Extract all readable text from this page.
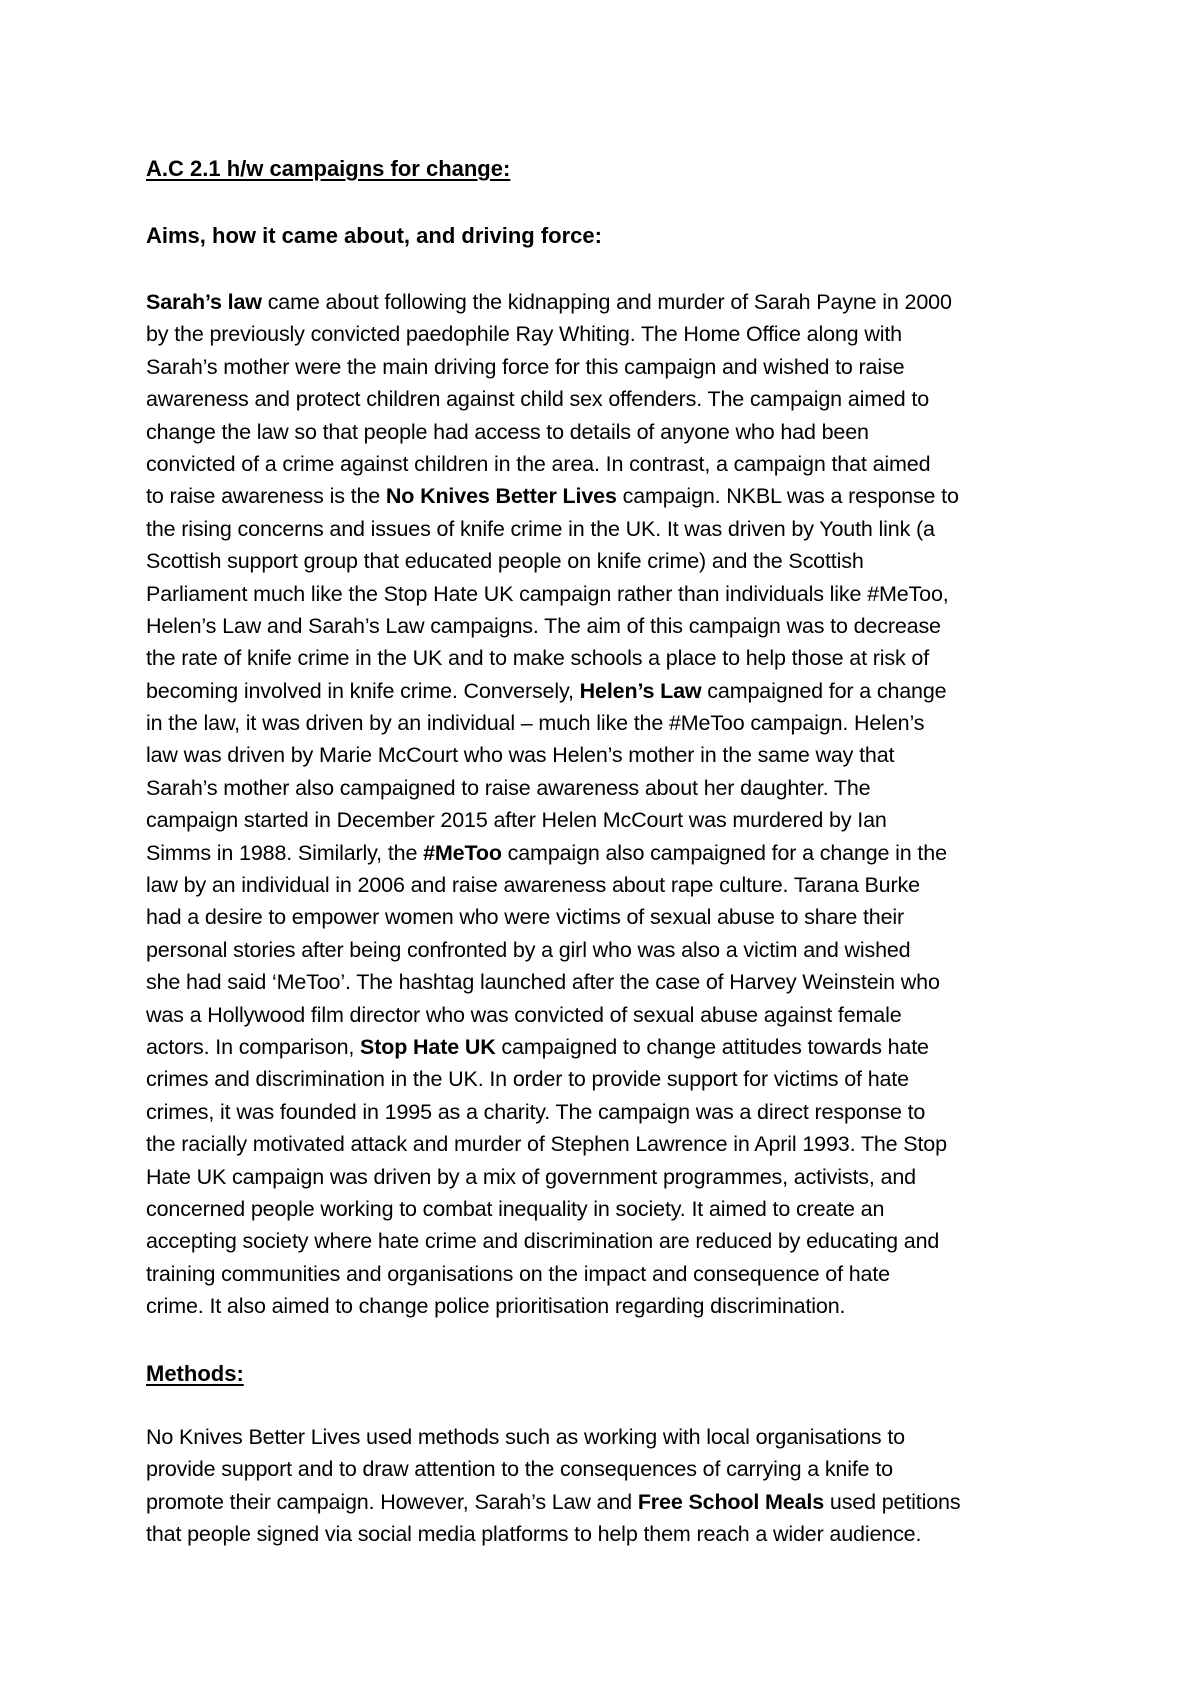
A.C 2.1 h/w campaigns for change:
Aims, how it came about, and driving force:
Sarah’s law came about following the kidnapping and murder of Sarah Payne in 2000
by the previously convicted paedophile Ray Whiting. The Home Office along with
Sarah’s mother were the main driving force for this campaign and wished to raise
awareness and protect children against child sex offenders. The campaign aimed to
change the law so that people had access to details of anyone who had been
convicted of a crime against children in the area. In contrast, a campaign that aimed
to raise awareness is the No Knives Better Lives campaign. NKBL was a response to
the rising concerns and issues of knife crime in the UK. It was driven by Youth link (a
Scottish support group that educated people on knife crime) and the Scottish
Parliament much like the Stop Hate UK campaign rather than individuals like #MeToo,
Helen’s Law and Sarah’s Law campaigns. The aim of this campaign was to decrease
the rate of knife crime in the UK and to make schools a place to help those at risk of
becoming involved in knife crime. Conversely, Helen’s Law campaigned for a change
in the law, it was driven by an individual – much like the #MeToo campaign. Helen’s
law was driven by Marie McCourt who was Helen’s mother in the same way that
Sarah’s mother also campaigned to raise awareness about her daughter. The
campaign started in December 2015 after Helen McCourt was murdered by Ian
Simms in 1988. Similarly, the #MeToo campaign also campaigned for a change in the
law by an individual in 2006 and raise awareness about rape culture. Tarana Burke
had a desire to empower women who were victims of sexual abuse to share their
personal stories after being confronted by a girl who was also a victim and wished
she had said ‘MeToo’. The hashtag launched after the case of Harvey Weinstein who
was a Hollywood film director who was convicted of sexual abuse against female
actors. In comparison, Stop Hate UK campaigned to change attitudes towards hate
crimes and discrimination in the UK. In order to provide support for victims of hate
crimes, it was founded in 1995 as a charity. The campaign was a direct response to
the racially motivated attack and murder of Stephen Lawrence in April 1993. The Stop
Hate UK campaign was driven by a mix of government programmes, activists, and
concerned people working to combat inequality in society. It aimed to create an
accepting society where hate crime and discrimination are reduced by educating and
training communities and organisations on the impact and consequence of hate
crime. It also aimed to change police prioritisation regarding discrimination.
Methods:
No Knives Better Lives used methods such as working with local organisations to
provide support and to draw attention to the consequences of carrying a knife to
promote their campaign. However, Sarah’s Law and Free School Meals used petitions
that people signed via social media platforms to help them reach a wider audience.
